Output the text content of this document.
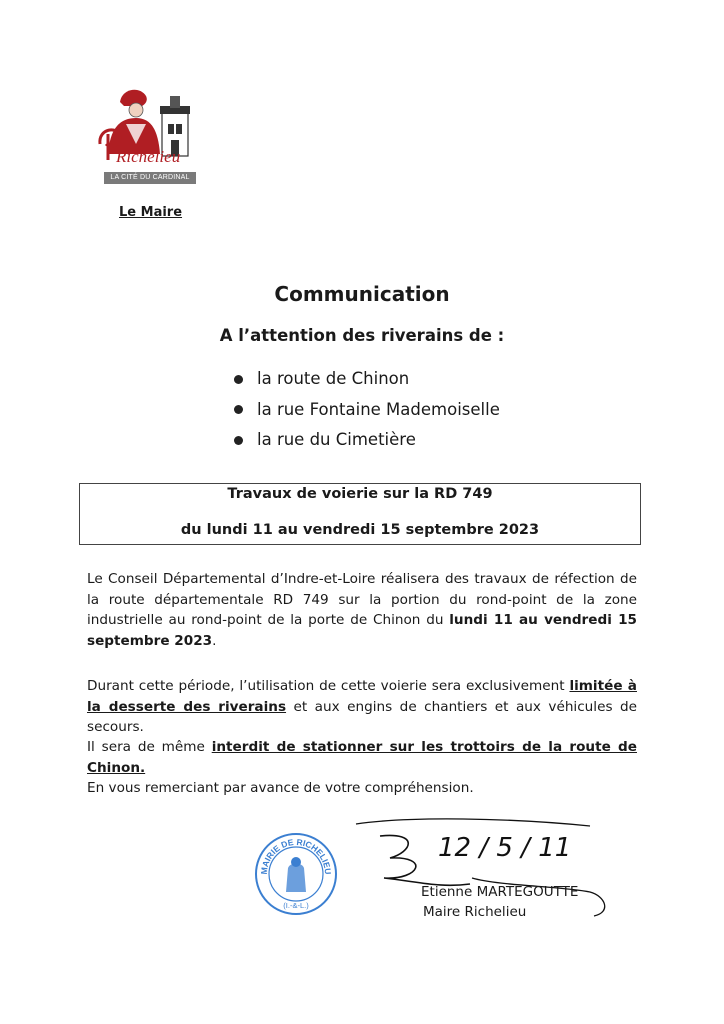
Richelieu
LA CITÉ DU CARDINAL
Le Maire
Communication
A l’attention des riverains de :
la route de Chinon
la rue Fontaine Mademoiselle
la rue du Cimetière
Travaux de voierie sur la RD 749
du lundi 11 au vendredi 15 septembre 2023
Le Conseil Départemental d’Indre-et-Loire réalisera des travaux de réfection de la route départementale RD 749 sur la portion du rond-point de la zone industrielle au rond-point de la porte de Chinon du lundi 11 au vendredi 15 septembre 2023.
Durant cette période, l’utilisation de cette voierie sera exclusivement limitée à la desserte des riverains et aux engins de chantiers et aux véhicules de secours.
Il sera de même interdit de stationner sur les trottoirs de la route de Chinon.
En vous remerciant par avance de votre compréhension.
MAIRIE DE RICHELIEU
(I.-&-L.)
12 / 5 / 11
Etienne MARTEGOUTTE
Maire Richelieu
